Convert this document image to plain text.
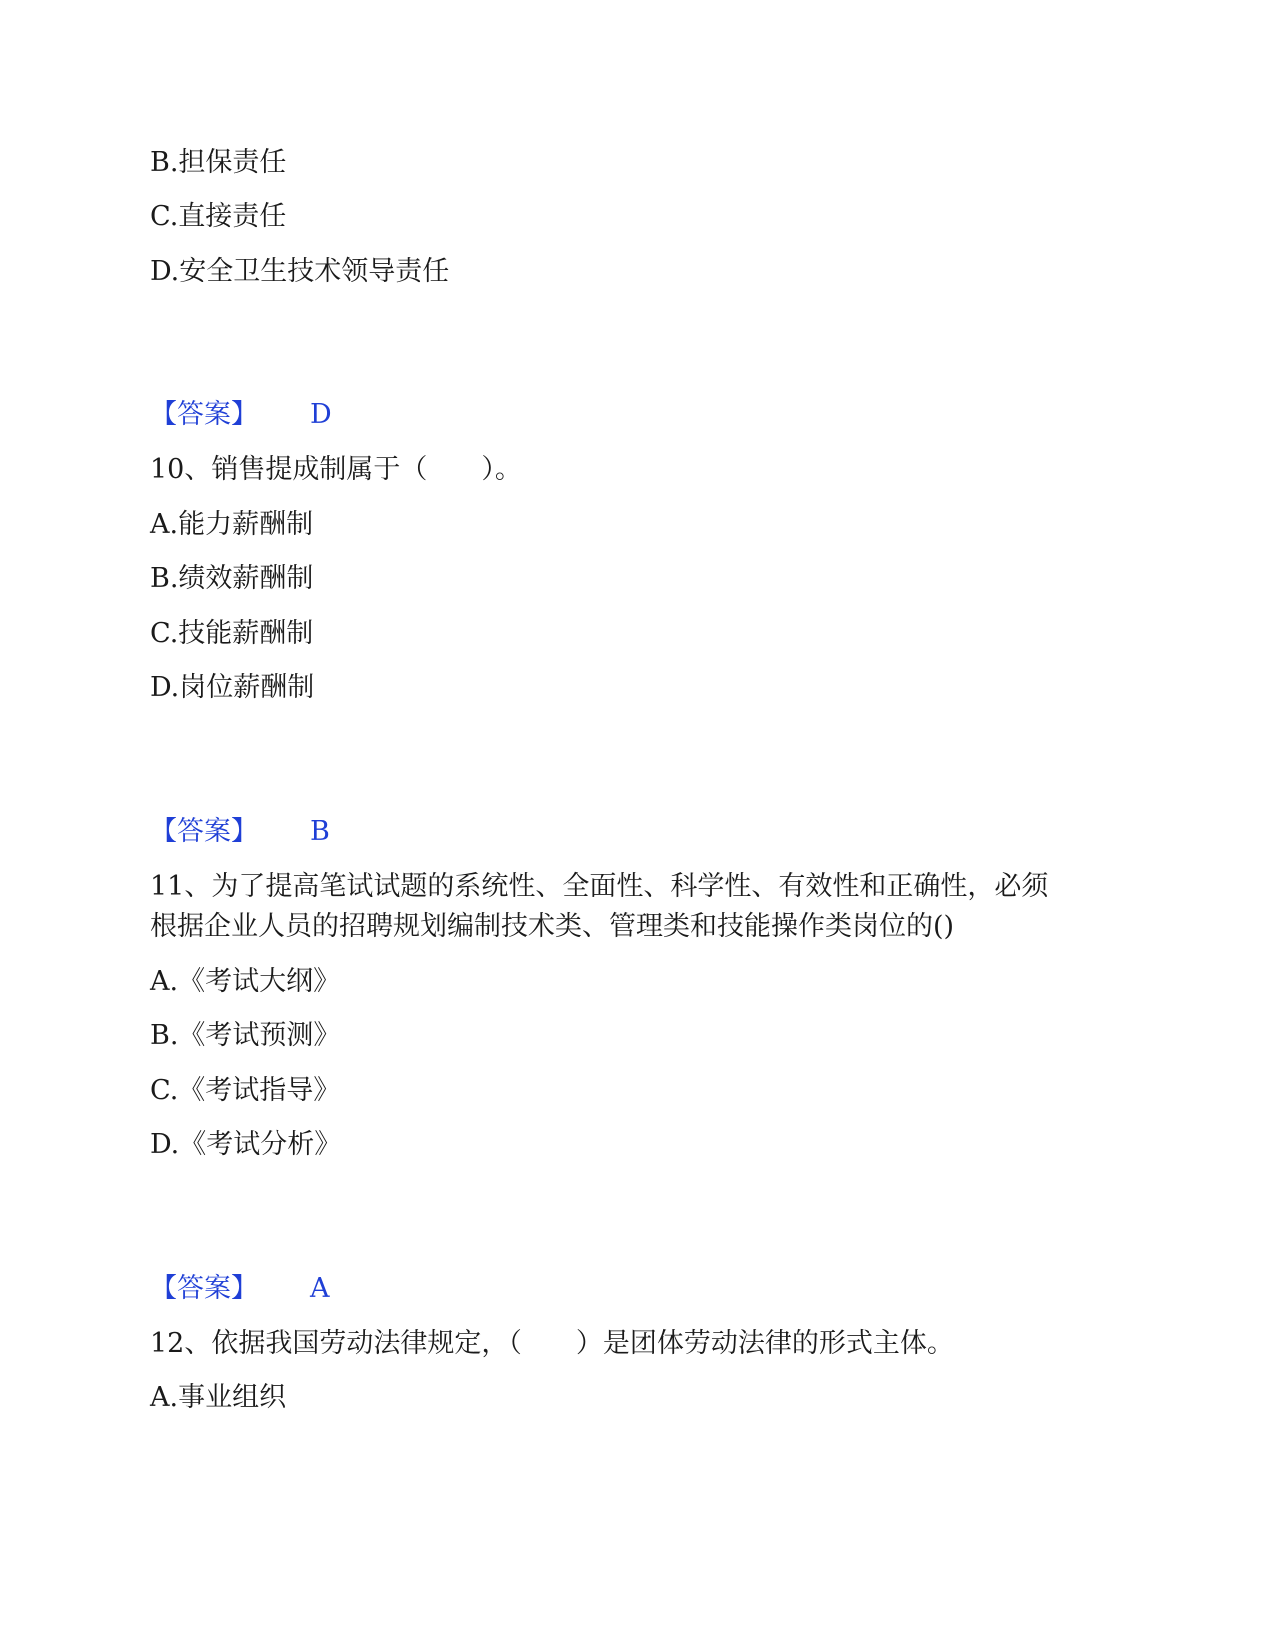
B.担保责任

C.直接责任

D.安全卫生技术领导责任

【答案】 D

10、销售提成制属于（　　）。

A.能力薪酬制

B.绩效薪酬制

C.技能薪酬制

D.岗位薪酬制

【答案】 B

11、为了提高笔试试题的系统性、全面性、科学性、有效性和正确性，必须

根据企业人员的招聘规划编制技术类、管理类和技能操作类岗位的()

A.《考试大纲》

B.《考试预测》

C.《考试指导》

D.《考试分析》

【答案】 A

12、依据我国劳动法律规定，（　　）是团体劳动法律的形式主体。

A.事业组织
